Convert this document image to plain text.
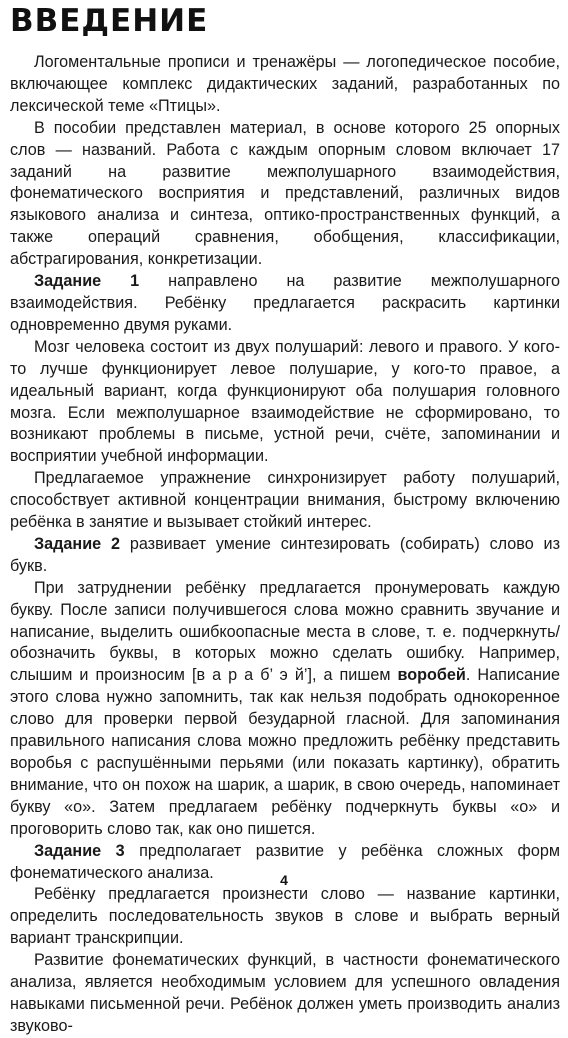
ВВЕДЕНИЕ

Логоментальные прописи и тренажёры — логопедическое пособие, включающее комплекс дидактических заданий, разработанных по лексической теме «Птицы».

В пособии представлен материал, в основе которого 25 опорных слов — названий. Работа с каждым опорным словом включает 17 заданий на развитие межполушарного взаимодействия, фонематического восприятия и представлений, различных видов языкового анализа и синтеза, оптико-пространственных функций, а также операций сравнения, обобщения, классификации, абстрагирования, конкретизации.

Задание 1 направлено на развитие межполушарного взаимодействия. Ребёнку предлагается раскрасить картинки одновременно двумя руками.

Мозг человека состоит из двух полушарий: левого и правого. У кого-то лучше функционирует левое полушарие, у кого-то правое, а идеальный вариант, когда функционируют оба полушария головного мозга. Если межполушарное взаимодействие не сформировано, то возникают проблемы в письме, устной речи, счёте, запоминании и восприятии учебной информации.

Предлагаемое упражнение синхронизирует работу полушарий, способствует активной концентрации внимания, быстрому включению ребёнка в занятие и вызывает стойкий интерес.

Задание 2 развивает умение синтезировать (собирать) слово из букв.

При затруднении ребёнку предлагается пронумеровать каждую букву. После записи получившегося слова можно сравнить звучание и написание, выделить ошибкоопасные места в слове, т. е. подчеркнуть/обозначить буквы, в которых можно сделать ошибку. Например, слышим и произносим [в а р а б’ э й’], а пишем воробей. Написание этого слова нужно запомнить, так как нельзя подобрать однокоренное слово для проверки первой безударной гласной. Для запоминания правильного написания слова можно предложить ребёнку представить воробья с распушёнными перьями (или показать картинку), обратить внимание, что он похож на шарик, а шарик, в свою очередь, напоминает букву «о». Затем предлагаем ребёнку подчеркнуть буквы «о» и проговорить слово так, как оно пишется.

Задание 3 предполагает развитие у ребёнка сложных форм фонематического анализа.

Ребёнку предлагается произнести слово — название картинки, определить последовательность звуков в слове и выбрать верный вариант транскрипции.

Развитие фонематических функций, в частности фонематического анализа, является необходимым условием для успешного овладения навыками письменной речи. Ребёнок должен уметь производить анализ звуково-

4
